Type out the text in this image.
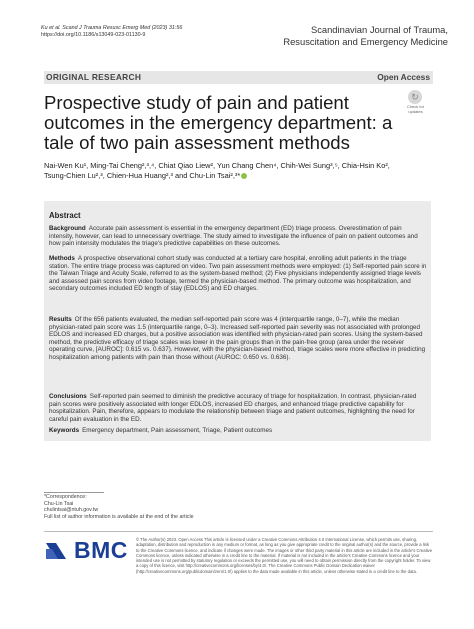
Ku et al. Scand J Trauma Resusc Emerg Med (2023) 31:56
https://doi.org/10.1186/s13049-023-01130-9
Scandinavian Journal of Trauma,
Resuscitation and Emergency Medicine
ORIGINAL RESEARCH	Open Access
Prospective study of pain and patient outcomes in the emergency department: a tale of two pain assessment methods
↻
Check for
updates
Nai-Wen Ku¹, Ming-Tai Cheng²,³,⁴, Chiat Qiao Liew², Yun Chang Chen⁴, Chih-Wei Sung³,⁵, Chia-Hsin Ko²,
Tsung-Chien Lu²,³, Chien-Hua Huang²,³ and Chu-Lin Tsai²,³*
Abstract
Background Accurate pain assessment is essential in the emergency department (ED) triage process. Overestimation of pain intensity, however, can lead to unnecessary overtriage. The study aimed to investigate the influence of pain on patient outcomes and how pain intensity modulates the triage's predictive capabilities on these outcomes.
Methods A prospective observational cohort study was conducted at a tertiary care hospital, enrolling adult patients in the triage station. The entire triage process was captured on video. Two pain assessment methods were employed: (1) Self-reported pain score in the Taiwan Triage and Acuity Scale, referred to as the system-based method; (2) Five physicians independently assigned triage levels and assessed pain scores from video footage, termed the physician-based method. The primary outcome was hospitalization, and secondary outcomes included ED length of stay (EDLOS) and ED charges.
Results Of the 656 patients evaluated, the median self-reported pain score was 4 (interquartile range, 0–7), while the median physician-rated pain score was 1.5 (interquartile range, 0–3). Increased self-reported pain severity was not associated with prolonged EDLOS and increased ED charges, but a positive association was identified with physician-rated pain scores. Using the system-based method, the predictive efficacy of triage scales was lower in the pain groups than in the pain-free group (area under the receiver operating curve, [AUROC]: 0.615 vs. 0.637). However, with the physician-based method, triage scales were more effective in predicting hospitalization among patients with pain than those without (AUROC: 0.650 vs. 0.636).
Conclusions Self-reported pain seemed to diminish the predictive accuracy of triage for hospitalization. In contrast, physician-rated pain scores were positively associated with longer EDLOS, increased ED charges, and enhanced triage predictive capability for hospitalization. Pain, therefore, appears to modulate the relationship between triage and patient outcomes, highlighting the need for careful pain evaluation in the ED.
Keywords Emergency department, Pain assessment, Triage, Patient outcomes
*Correspondence:
Chu-Lin Tsai
chulintsai@ntuh.gov.tw
Full list of author information is available at the end of the article
BMC © The Author(s) 2023. Open Access This article is licensed under a Creative Commons Attribution 4.0 International License, which permits use, sharing, adaptation, distribution and reproduction in any medium or format, as long as you give appropriate credit to the original author(s) and the source, provide a link to the Creative Commons licence, and indicate if changes were made. The images or other third party material in this article are included in the article's Creative Commons licence, unless indicated otherwise in a credit line to the material. If material is not included in the article's Creative Commons licence and your intended use is not permitted by statutory regulation or exceeds the permitted use, you will need to obtain permission directly from the copyright holder. To view a copy of this licence, visit http://creativecommons.org/licenses/by/4.0/. The Creative Commons Public Domain Dedication waiver (http://creativecommons.org/publicdomain/zero/1.0/) applies to the data made available in this article, unless otherwise stated in a credit line to the data.
